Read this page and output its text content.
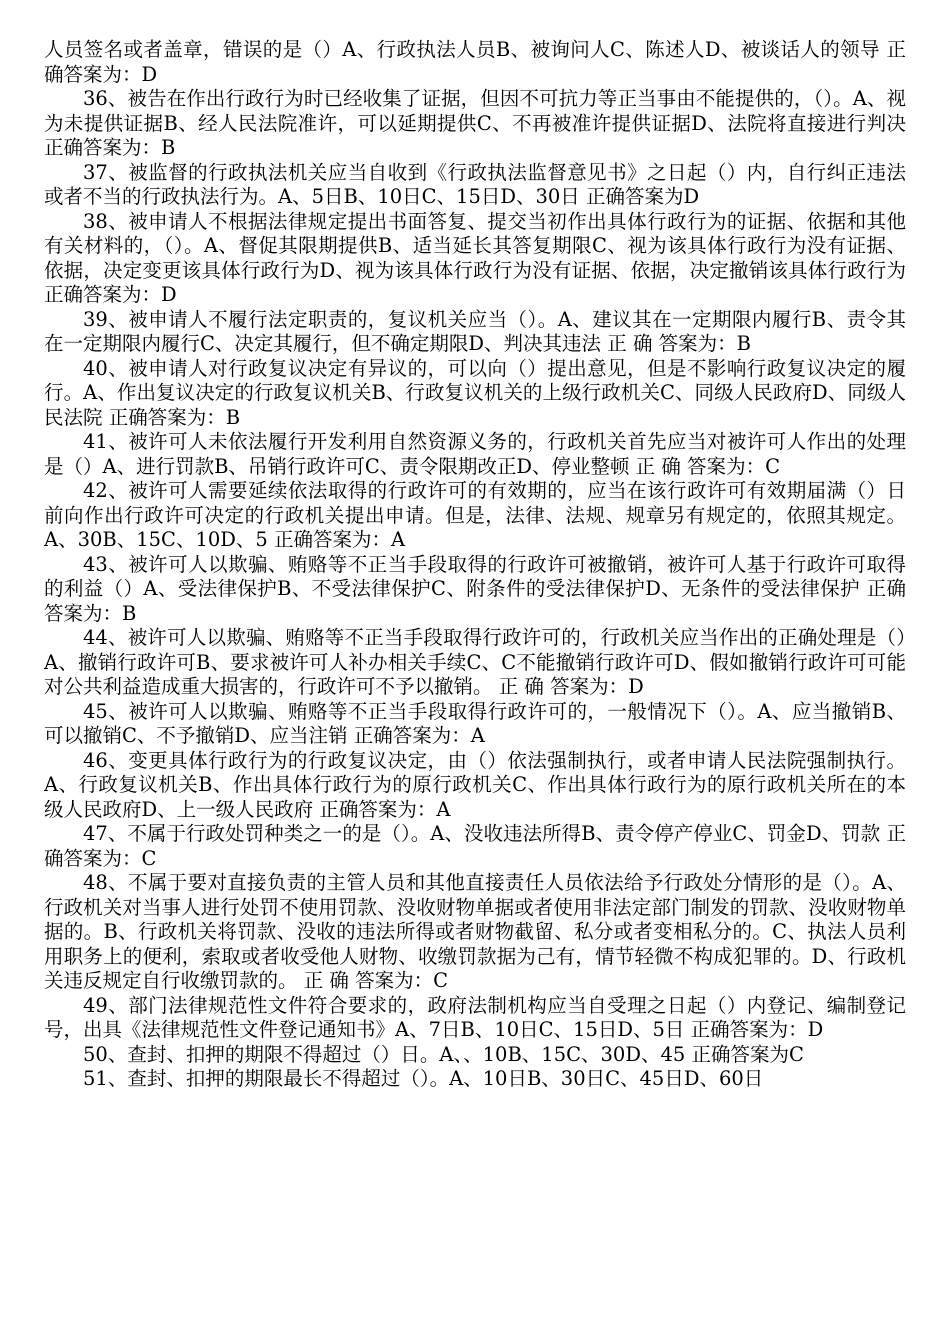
人员签名或者盖章，错误的是（）A、行政执法人员B、被询问人C、陈述人D、被谈话人的领导 正确答案为：D

36、被告在作出行政行为时已经收集了证据，但因不可抗力等正当事由不能提供的，（）。A、视为未提供证据B、经人民法院准许，可以延期提供C、不再被准许提供证据D、法院将直接进行判决 正确答案为：B

37、被监督的行政执法机关应当自收到《行政执法监督意见书》之日起（）内，自行纠正违法或者不当的行政执法行为。A、5日B、10日C、15日D、30日 正确答案为D

38、被申请人不根据法律规定提出书面答复、提交当初作出具体行政行为的证据、依据和其他有关材料的，（）。A、督促其限期提供B、适当延长其答复期限C、视为该具体行政行为没有证据、依据，决定变更该具体行政行为D、视为该具体行政行为没有证据、依据，决定撤销该具体行政行为 正确答案为：D

39、被申请人不履行法定职责的，复议机关应当（）。A、建议其在一定期限内履行B、责令其在一定期限内履行C、决定其履行，但不确定期限D、判决其违法 正 确 答案为：B

40、被申请人对行政复议决定有异议的，可以向（）提出意见，但是不影响行政复议决定的履行。A、作出复议决定的行政复议机关B、行政复议机关的上级行政机关C、同级人民政府D、同级人民法院 正确答案为：B

41、被许可人未依法履行开发利用自然资源义务的，行政机关首先应当对被许可人作出的处理是（）A、进行罚款B、吊销行政许可C、责令限期改正D、停业整顿 正 确 答案为：C

42、被许可人需要延续依法取得的行政许可的有效期的，应当在该行政许可有效期届满（）日前向作出行政许可决定的行政机关提出申请。但是，法律、法规、规章另有规定的，依照其规定。A、30B、15C、10D、5 正确答案为：A

43、被许可人以欺骗、贿赂等不正当手段取得的行政许可被撤销，被许可人基于行政许可取得的利益（）A、受法律保护B、不受法律保护C、附条件的受法律保护D、无条件的受法律保护 正确答案为：B

44、被许可人以欺骗、贿赂等不正当手段取得行政许可的，行政机关应当作出的正确处理是（）A、撤销行政许可B、要求被许可人补办相关手续C、C不能撤销行政许可D、假如撤销行政许可可能对公共利益造成重大损害的，行政许可不予以撤销。 正 确 答案为：D

45、被许可人以欺骗、贿赂等不正当手段取得行政许可的，一般情况下（）。A、应当撤销B、可以撤销C、不予撤销D、应当注销 正确答案为：A

46、变更具体行政行为的行政复议决定，由（）依法强制执行，或者申请人民法院强制执行。A、行政复议机关B、作出具体行政行为的原行政机关C、作出具体行政行为的原行政机关所在的本级人民政府D、上一级人民政府 正确答案为：A

47、不属于行政处罚种类之一的是（）。A、没收违法所得B、责令停产停业C、罚金D、罚款 正确答案为：C

48、不属于要对直接负责的主管人员和其他直接责任人员依法给予行政处分情形的是（）。A、行政机关对当事人进行处罚不使用罚款、没收财物单据或者使用非法定部门制发的罚款、没收财物单据的。B、行政机关将罚款、没收的违法所得或者财物截留、私分或者变相私分的。C、执法人员利用职务上的便利，索取或者收受他人财物、收缴罚款据为己有，情节轻微不构成犯罪的。D、行政机关违反规定自行收缴罚款的。 正 确 答案为：C

49、部门法律规范性文件符合要求的，政府法制机构应当自受理之日起（）内登记、编制登记号，出具《法律规范性文件登记通知书》A、7日B、10日C、15日D、5日 正确答案为：D

50、查封、扣押的期限不得超过（）日。A、、10B、15C、30D、45 正确答案为C

51、查封、扣押的期限最长不得超过（）。A、10日B、30日C、45日D、60日
